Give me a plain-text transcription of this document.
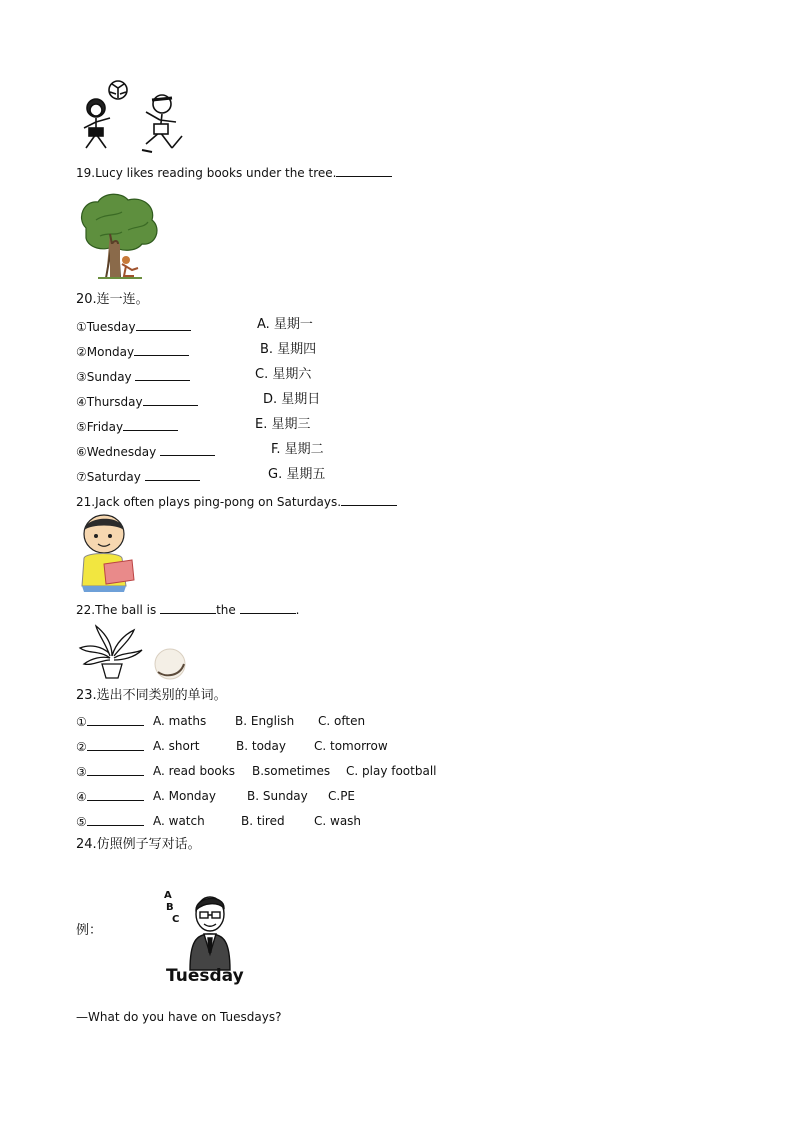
19.Lucy likes reading books under the tree.
20.连一连。
①Tuesday
②Monday
③Sunday
④Thursday
⑤Friday
⑥Wednesday
⑦Saturday
A. 星期一
B. 星期四
C. 星期六
D. 星期日
E. 星期三
F. 星期二
G. 星期五
21.Jack often plays ping-pong on Saturdays.
22.The ball is	the	.
23.选出不同类别的单词。
①	A. maths B. English C. often
②	A. short	B. today C. tomorrow
③	A. read books B.sometimes C. play football
④	A. Monday	B. Sunday C.PE
⑤	A. watch	B. tired C. wash
24.仿照例子写对话。
例：
A
B
C
Tuesday
—What do you have on Tuesdays?
